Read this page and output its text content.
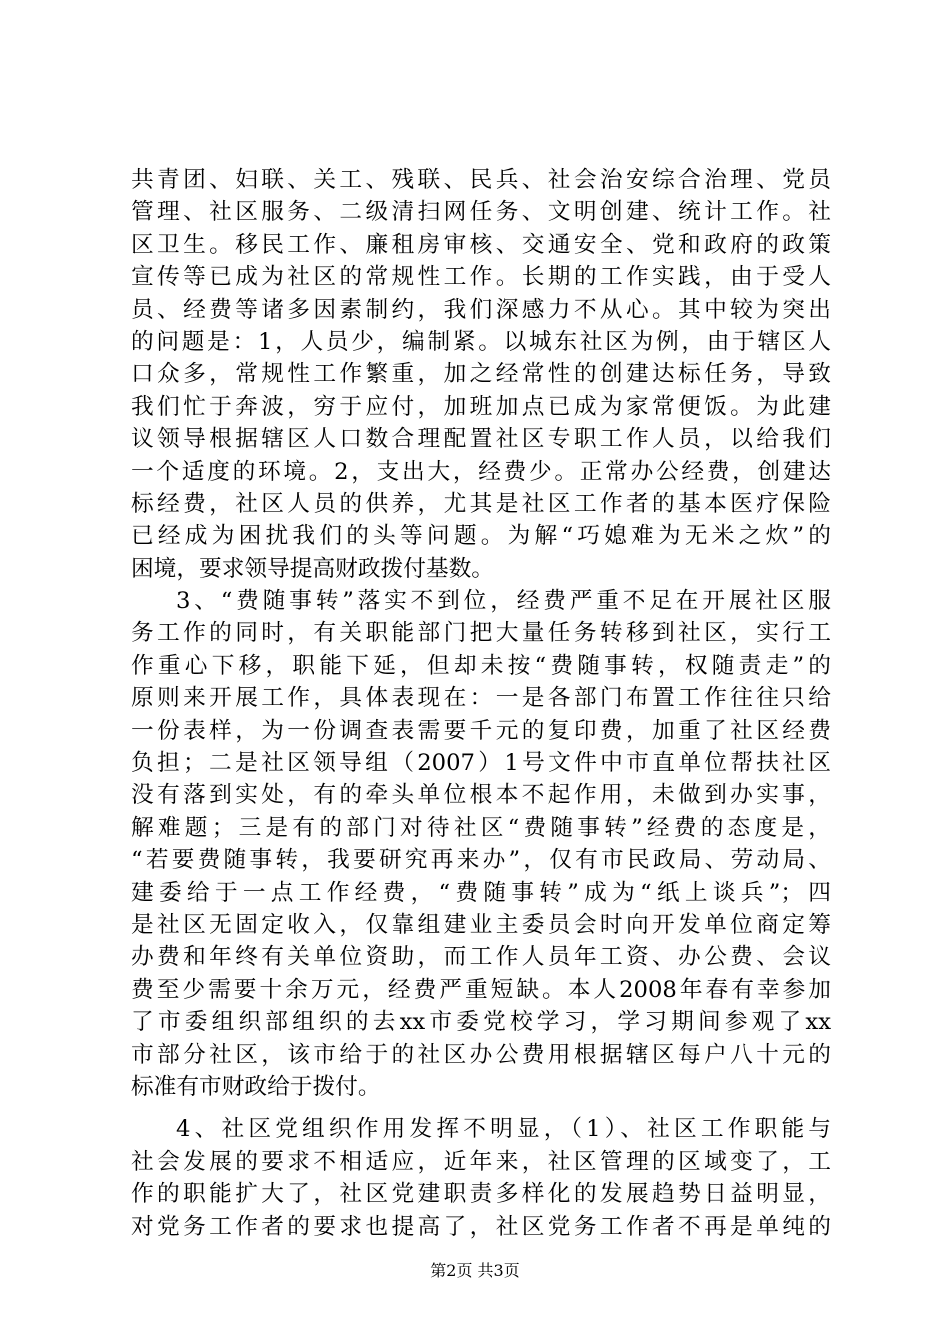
共青团、妇联、关工、残联、民兵、社会治安综合治理、党员
管理、社区服务、二级清扫网任务、文明创建、统计工作。社
区卫生。移民工作、廉租房审核、交通安全、党和政府的政策
宣传等已成为社区的常规性工作。长期的工作实践，由于受人
员、经费等诸多因素制约，我们深感力不从心。其中较为突出
的问题是：1，人员少，编制紧。以城东社区为例，由于辖区人
口众多，常规性工作繁重，加之经常性的创建达标任务，导致
我们忙于奔波，穷于应付，加班加点已成为家常便饭。为此建
议领导根据辖区人口数合理配置社区专职工作人员，以给我们
一个适度的环境。2，支出大，经费少。正常办公经费，创建达
标经费，社区人员的供养，尤其是社区工作者的基本医疗保险
已经成为困扰我们的头等问题。为解“巧媳难为无米之炊”的
困境，要求领导提高财政拨付基数。
3、“费随事转”落实不到位，经费严重不足在开展社区服
务工作的同时，有关职能部门把大量任务转移到社区，实行工
作重心下移，职能下延，但却未按“费随事转，权随责走”的
原则来开展工作，具体表现在：一是各部门布置工作往往只给
一份表样，为一份调查表需要千元的复印费，加重了社区经费
负担；二是社区领导组（2007）1号文件中市直单位帮扶社区
没有落到实处，有的牵头单位根本不起作用，未做到办实事，
解难题；三是有的部门对待社区“费随事转”经费的态度是，
“若要费随事转，我要研究再来办”，仅有市民政局、劳动局、
建委给于一点工作经费，“费随事转”成为“纸上谈兵”；四
是社区无固定收入，仅靠组建业主委员会时向开发单位商定筹
办费和年终有关单位资助，而工作人员年工资、办公费、会议
费至少需要十余万元，经费严重短缺。本人2008年春有幸参加
了市委组织部组织的去xx市委党校学习，学习期间参观了xx
市部分社区，该市给于的社区办公费用根据辖区每户八十元的
标准有市财政给于拨付。
4、社区党组织作用发挥不明显，（1）、社区工作职能与
社会发展的要求不相适应，近年来，社区管理的区域变了，工
作的职能扩大了，社区党建职责多样化的发展趋势日益明显，
对党务工作者的要求也提高了，社区党务工作者不再是单纯的
第2页 共3页
